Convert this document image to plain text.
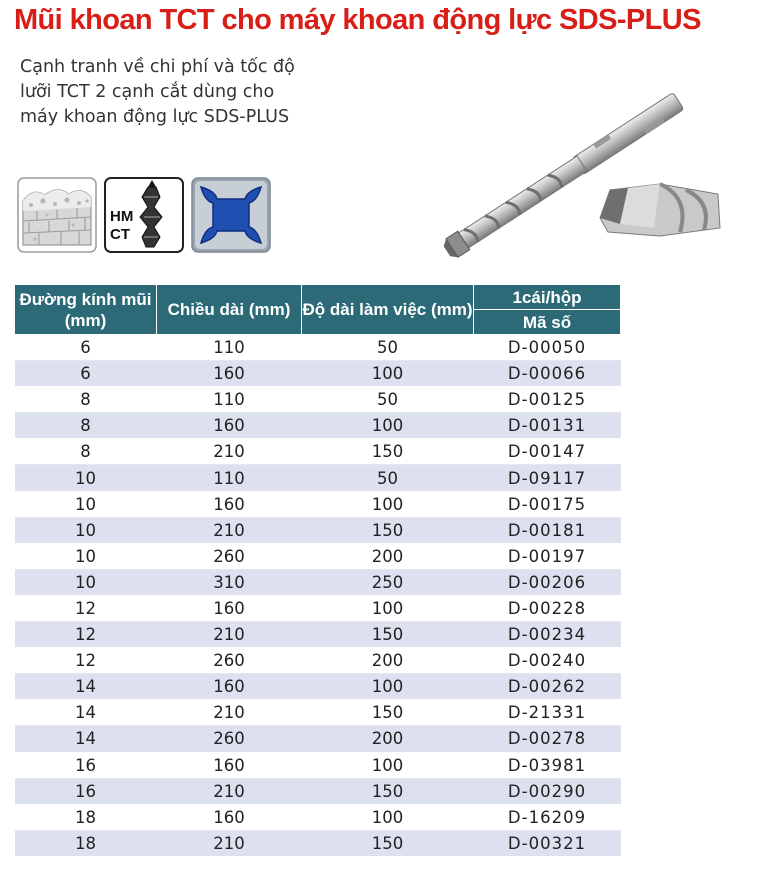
Mũi khoan TCT cho máy khoan động lực SDS-PLUS
Cạnh tranh về chi phí và tốc độ
lưỡi TCT 2 cạnh cắt dùng cho
máy khoan động lực SDS-PLUS
HM
CT
Đường kính mũi (mm)	Chiều dài (mm)	Độ dài làm việc (mm)	1cái/hộp
			Mã số
6	110	50	D-00050
6	160	100	D-00066
8	110	50	D-00125
8	160	100	D-00131
8	210	150	D-00147
10	110	50	D-09117
10	160	100	D-00175
10	210	150	D-00181
10	260	200	D-00197
10	310	250	D-00206
12	160	100	D-00228
12	210	150	D-00234
12	260	200	D-00240
14	160	100	D-00262
14	210	150	D-21331
14	260	200	D-00278
16	160	100	D-03981
16	210	150	D-00290
18	160	100	D-16209
18	210	150	D-00321
